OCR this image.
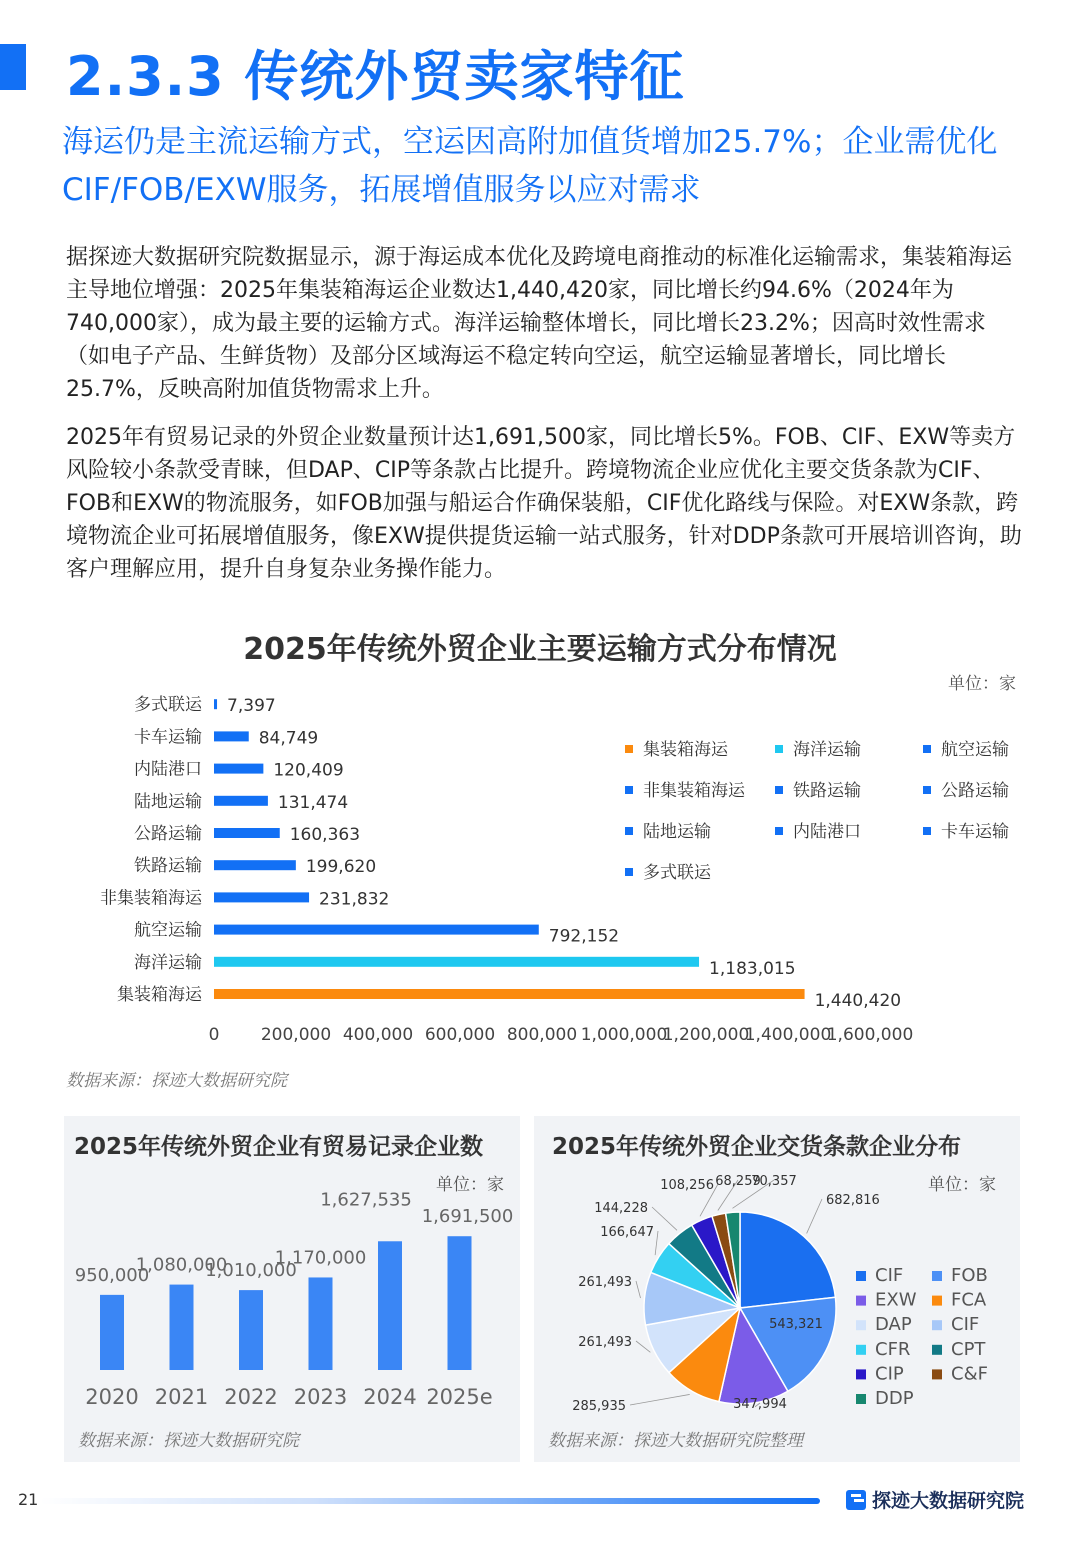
2.3.3 传统外贸卖家特征
海运仍是主流运输方式，空运因高附加值货增加25.7%；企业需优化CIF/FOB/EXW服务，拓展增值服务以应对需求
据探迹大数据研究院数据显示，源于海运成本优化及跨境电商推动的标准化运输需求，集装箱海运主导地位增强：2025年集装箱海运企业数达1,440,420家，同比增长约94.6%（2024年为740,000家），成为最主要的运输方式。海洋运输整体增长，同比增长23.2%；因高时效性需求（如电子产品、生鲜货物）及部分区域海运不稳定转向空运，航空运输显著增长，同比增长25.7%，反映高附加值货物需求上升。
2025年有贸易记录的外贸企业数量预计达1,691,500家，同比增长5%。FOB、CIF、EXW等卖方风险较小条款受青睐，但DAP、CIP等条款占比提升。跨境物流企业应优化主要交货条款为CIF、FOB和EXW的物流服务，如FOB加强与船运合作确保装船，CIF优化路线与保险。对EXW条款，跨境物流企业可拓展增值服务，像EXW提供提货运输一站式服务，针对DDP条款可开展培训咨询，助客户理解应用，提升自身复杂业务操作能力。
2025年传统外贸企业主要运输方式分布情况
单位：家
集装箱海运	1,440,420
海洋运输	1,183,015
航空运输	792,152
非集装箱海运	231,832
铁路运输	199,620
公路运输	160,363
陆地运输	131,474
内陆港口	120,409
卡车运输	84,749
多式联运 7,397
0 200,000 400,000 600,000 800,000 1,000,000
1,200,000
1,400,000
1,600,000
集装箱海运	海洋运输	航空运输
非集装箱海运	铁路运输	公路运输
陆地运输	内陆港口	卡车运输
多式联运
数据来源：探迹大数据研究院
2025年传统外贸企业有贸易记录企业数
单位：家
2020
950,000
2021
1,080,000
2022
1,010,000
2023
1,170,000
2024
1,627,535
2025e
1,691,500
数据来源：探迹大数据研究院
2025年传统外贸企业交货条款企业分布
单位：家
682,816
543,321
347,994
285,935
261,493
261,493
166,647
144,228
108,256 68,259
70,357
CIF	FOB
EXW FCA
DAP CIF
CFR CPT
CIP	C&F
DDP
数据来源：探迹大数据研究院整理
21	探迹大数据研究院
